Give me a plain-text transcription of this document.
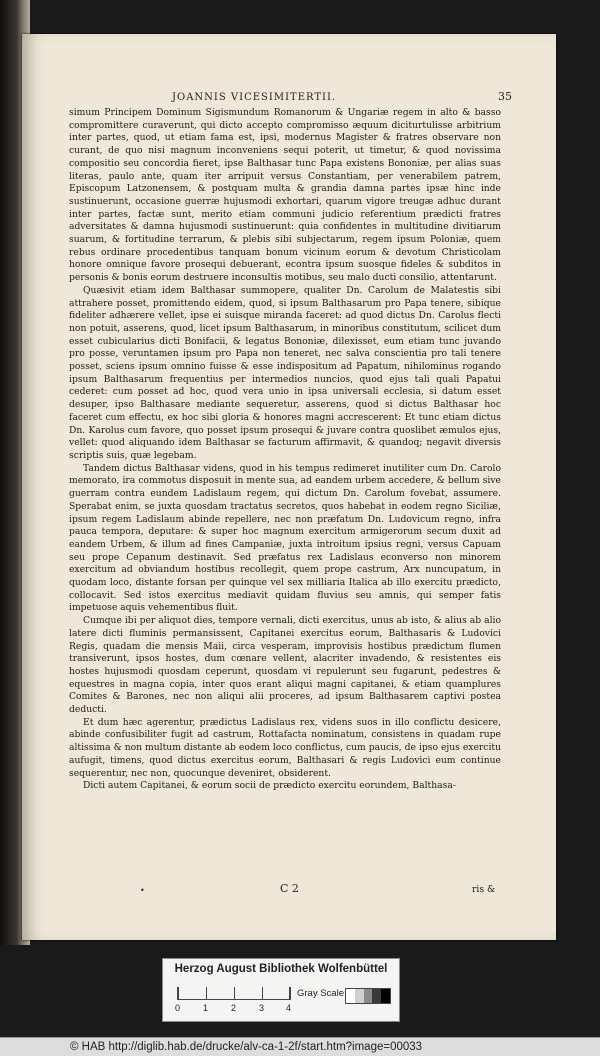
JOANNIS VICESIMITERTII.	35

simum Principem Dominum Sigismundum Romanorum & Ungariæ regem in alto & basso compromittere curaverunt, qui dicto accepto compromisso æquum diciturtulisse arbitrium inter partes, quod, ut etiam fama est, ipsi, modernus Magister & fratres observare non curant, de quo nisi magnum inconveniens sequi poterit, ut timetur, & quod novissima compositio seu concordia fieret, ipse Balthasar tunc Papa existens Bononiæ, per alias suas literas, paulo ante, quam iter arripuit versus Constantiam, per venerabilem patrem, Episcopum Latzonensem, & postquam multa & grandia damna partes ipsæ hinc inde sustinuerunt, occasione guerræ hujusmodi exhortari, quarum vigore treugæ adhuc durant inter partes, factæ sunt, merito etiam communi judicio referentium prædicti fratres adversitates & damna hujusmodi sustinuerunt: quia confidentes in multitudine divitiarum suarum, & fortitudine terrarum, & plebis sibi subjectarum, regem ipsum Poloniæ, quem rebus ordinare procedentibus tanquam bonum vicinum eorum & devotum Christicolam honore omnique favore prosequi debuerant, econtra ipsum suosque fideles & subditos in personis & bonis eorum destruere inconsultis motibus, seu malo ducti consilio, attentarunt.

Quæsivit etiam idem Balthasar summopere, qualiter Dn. Carolum de Malatestis sibi attrahere posset, promittendo eidem, quod, si ipsum Balthasarum pro Papa tenere, sibique fideliter adhærere vellet, ipse ei suisque miranda faceret: ad quod dictus Dn. Carolus flecti non potuit, asserens, quod, licet ipsum Balthasarum, in minoribus constitutum, scilicet dum esset cubicularius dicti Bonifacii, & legatus Bononiæ, dilexisset, eum etiam tunc juvando pro posse, veruntamen ipsum pro Papa non teneret, nec salva conscientia pro tali tenere posset, sciens ipsum omnino fuisse & esse indispositum ad Papatum, nihilominus rogando ipsum Balthasarum frequentius per intermedios nuncios, quod ejus tali quali Papatui cederet: cum posset ad hoc, quod vera unio in ipsa universali ecclesia, si datum esset desuper, ipso Balthasare mediante sequeretur, asserens, quod si dictus Balthasar hoc faceret cum effectu, ex hoc sibi gloria & honores magni accrescerent: Et tunc etiam dictus Dn. Karolus cum favore, quo posset ipsum prosequi & juvare contra quoslibet æmulos ejus, vellet: quod aliquando idem Balthasar se facturum affirmavit, & quandoq; negavit diversis scriptis suis, quæ legebam.

Tandem dictus Balthasar videns, quod in his tempus redimeret inutiliter cum Dn. Carolo memorato, ira commotus disposuit in mente sua, ad eandem urbem accedere, & bellum sive guerram contra eundem Ladislaum regem, qui dictum Dn. Carolum fovebat, assumere. Sperabat enim, se juxta quosdam tractatus secretos, quos habebat in eodem regno Siciliæ, ipsum regem Ladislaum abinde repellere, nec non præfatum Dn. Ludovicum regno, infra pauca tempora, deputare: & super hoc magnum exercitum armigerorum secum duxit ad eandem Urbem, & illum ad fines Campaniæ, juxta introitum ipsius regni, versus Capuam seu prope Cepanum destinavit. Sed præfatus rex Ladislaus econverso non minorem exercitum ad obviandum hostibus recollegit, quem prope castrum, Arx nuncupatum, in quodam loco, distante forsan per quinque vel sex milliaria Italica ab illo exercitu prædicto, collocavit. Sed istos exercitus mediavit quidam fluvius seu amnis, qui semper fatis impetuose aquis vehementibus fluit.

Cumque ibi per aliquot dies, tempore vernali, dicti exercitus, unus ab isto, & alius ab alio latere dicti fluminis permansissent, Capitanei exercitus eorum, Balthasaris & Ludovici Regis, quadam die mensis Maii, circa vesperam, improvisis hostibus prædictum flumen transiverunt, ipsos hostes, dum cœnare vellent, alacriter invadendo, & resistentes eis hostes hujusmodi quosdam ceperunt, quosdam vi repulerunt seu fugarunt, pedestres & equestres in magna copia, inter quos erant aliqui magni capitanei, & etiam quamplures Comites & Barones, nec non aliqui alii proceres, ad ipsum Balthasarem captivi postea deducti.

Et dum hæc agerentur, prædictus Ladislaus rex, videns suos in illo conflictu desicere, abinde confusibiliter fugit ad castrum, Rottafacta nominatum, consistens in quadam rupe altissima & non multum distante ab eodem loco conflictus, cum paucis, de ipso ejus exercitu aufugit, timens, quod dictus exercitus eorum, Balthasari & regis Ludovici eum continue sequerentur, nec non, quocunque deveniret, obsiderent.

Dicti autem Capitanei, & eorum socii de prædicto exercitu eorundem, Balthasa-

•	C 2	ris &
Herzog August Bibliothek Wolfenbüttel
0	1	2	3 4
Gray Scale
© HAB http://diglib.hab.de/drucke/alv-ca-1-2f/start.htm?image=00033
